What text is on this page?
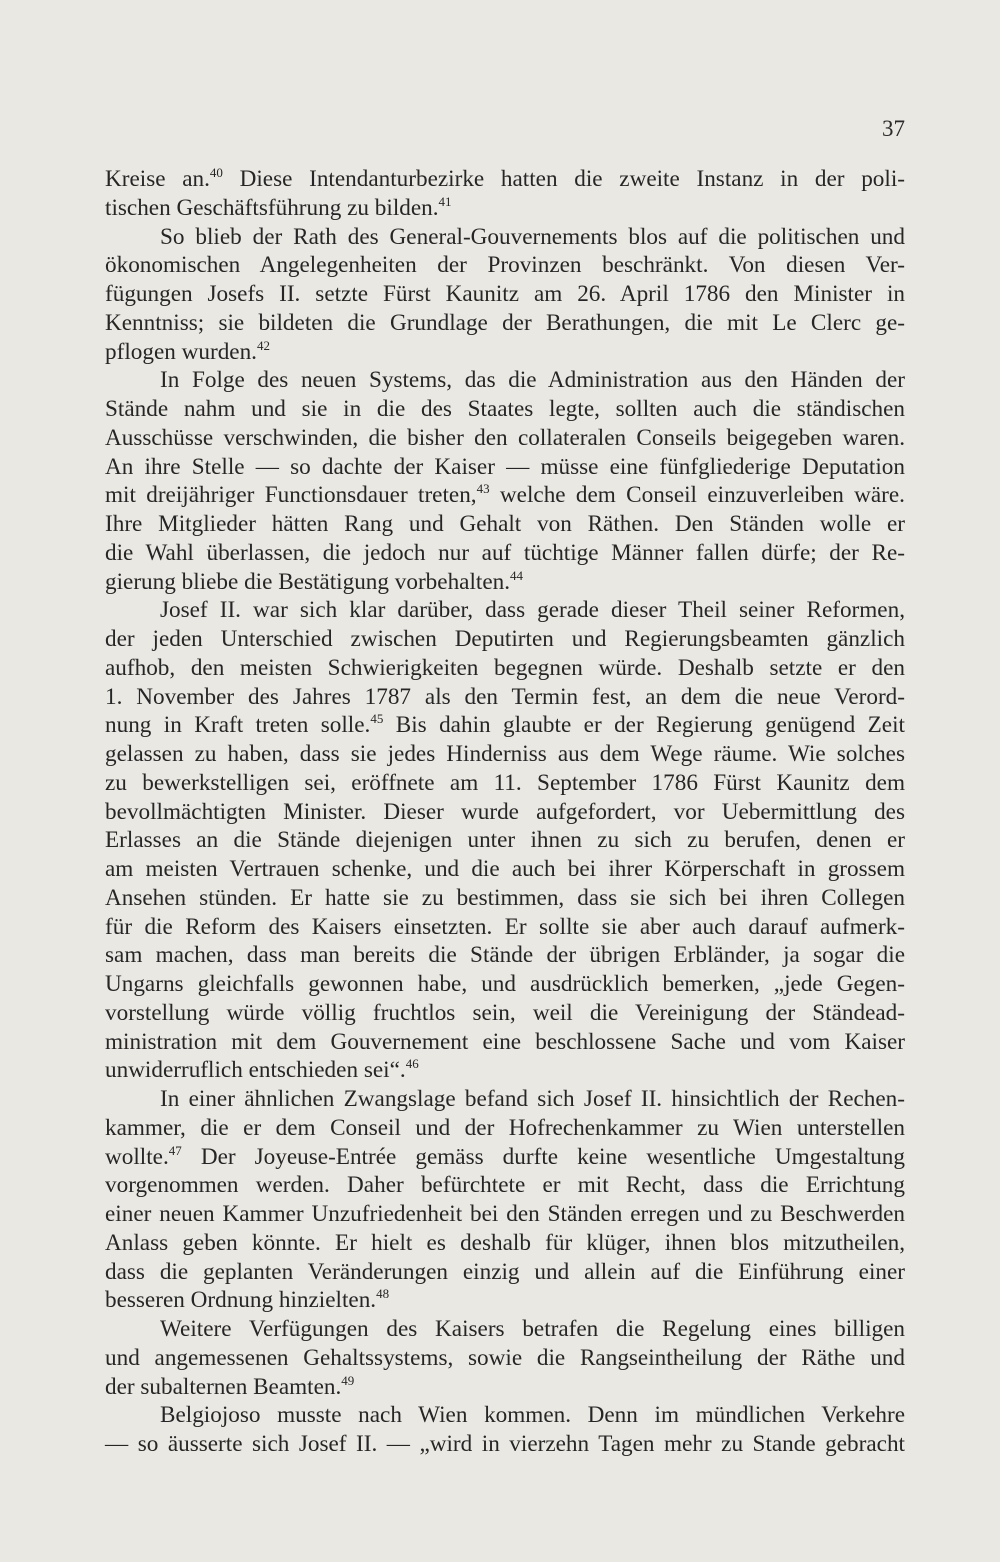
37

Kreise an.$^{40}$ Diese Intendanturbezirke hatten die zweite Instanz in der poli-
tischen Geschäftsführung zu bilden.$^{41}$
So blieb der Rath des General-Gouvernements blos auf die politischen und
ökonomischen Angelegenheiten der Provinzen beschränkt. Von diesen Ver-
fügungen Josefs II. setzte Fürst Kaunitz am 26. April 1786 den Minister in
Kenntniss; sie bildeten die Grundlage der Berathungen, die mit Le Clerc ge-
pflogen wurden.$^{42}$
In Folge des neuen Systems, das die Administration aus den Händen der
Stände nahm und sie in die des Staates legte, sollten auch die ständischen
Ausschüsse verschwinden, die bisher den collateralen Conseils beigegeben waren.
An ihre Stelle — so dachte der Kaiser — müsse eine fünfgliederige Deputation
mit dreijähriger Functionsdauer treten,$^{43}$ welche dem Conseil einzuverleiben wäre.
Ihre Mitglieder hätten Rang und Gehalt von Räthen. Den Ständen wolle er
die Wahl überlassen, die jedoch nur auf tüchtige Männer fallen dürfe; der Re-
gierung bliebe die Bestätigung vorbehalten.$^{44}$
Josef II. war sich klar darüber, dass gerade dieser Theil seiner Reformen,
der jeden Unterschied zwischen Deputirten und Regierungsbeamten gänzlich
aufhob, den meisten Schwierigkeiten begegnen würde. Deshalb setzte er den
1. November des Jahres 1787 als den Termin fest, an dem die neue Verord-
nung in Kraft treten solle.$^{45}$ Bis dahin glaubte er der Regierung genügend Zeit
gelassen zu haben, dass sie jedes Hinderniss aus dem Wege räume. Wie solches
zu bewerkstelligen sei, eröffnete am 11. September 1786 Fürst Kaunitz dem
bevollmächtigten Minister. Dieser wurde aufgefordert, vor Uebermittlung des
Erlasses an die Stände diejenigen unter ihnen zu sich zu berufen, denen er
am meisten Vertrauen schenke, und die auch bei ihrer Körperschaft in grossem
Ansehen stünden. Er hatte sie zu bestimmen, dass sie sich bei ihren Collegen
für die Reform des Kaisers einsetzten. Er sollte sie aber auch darauf aufmerk-
sam machen, dass man bereits die Stände der übrigen Erbländer, ja sogar die
Ungarns gleichfalls gewonnen habe, und ausdrücklich bemerken, „jede Gegen-
vorstellung würde völlig fruchtlos sein, weil die Vereinigung der Ständead-
ministration mit dem Gouvernement eine beschlossene Sache und vom Kaiser
unwiderruflich entschieden sei“.$^{46}$
In einer ähnlichen Zwangslage befand sich Josef II. hinsichtlich der Rechen-
kammer, die er dem Conseil und der Hofrechenkammer zu Wien unterstellen
wollte.$^{47}$ Der Joyeuse-Entrée gemäss durfte keine wesentliche Umgestaltung
vorgenommen werden. Daher befürchtete er mit Recht, dass die Errichtung
einer neuen Kammer Unzufriedenheit bei den Ständen erregen und zu Beschwerden
Anlass geben könnte. Er hielt es deshalb für klüger, ihnen blos mitzutheilen,
dass die geplanten Veränderungen einzig und allein auf die Einführung einer
besseren Ordnung hinzielten.$^{48}$
Weitere Verfügungen des Kaisers betrafen die Regelung eines billigen
und angemessenen Gehaltssystems, sowie die Rangseintheilung der Räthe und
der subalternen Beamten.$^{49}$
Belgiojoso musste nach Wien kommen. Denn im mündlichen Verkehre
— so äusserte sich Josef II. — „wird in vierzehn Tagen mehr zu Stande gebracht
